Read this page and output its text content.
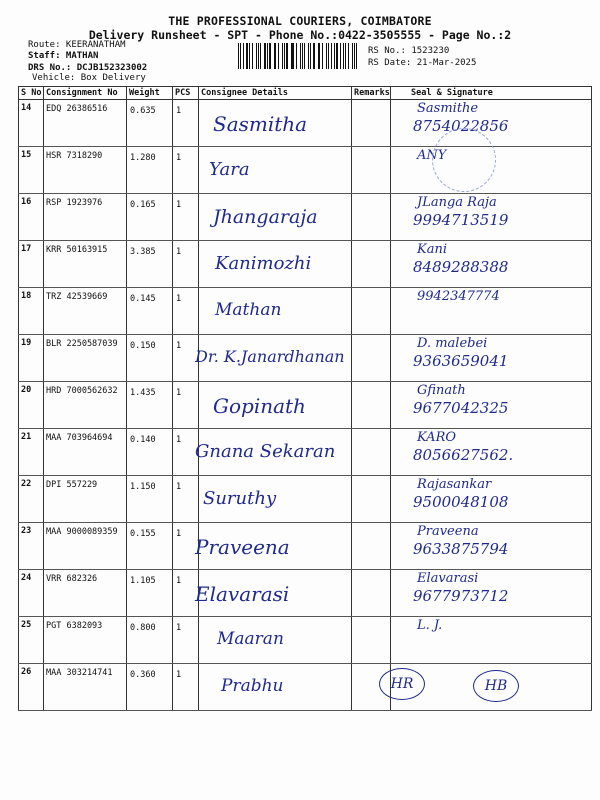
THE PROFESSIONAL COURIERS, COIMBATORE
Delivery Runsheet - SPT - Phone No.:0422-3505555 - Page No.:2
Route: KEERANATHAM
Staff: MATHAN
DRS No.: DCJB152323002
Vehicle: Box Delivery
RS No.: 1523230
RS Date: 21-Mar-2025
S No	Consignment No	Weight	PCS	Consignee Details	Remarks	Seal & Signature
14	EDQ 26386516	0.635	1	Sasmitha		Sasmithe
8754022856

15	HSR 7318290	1.280	1	Yara		ANY

16	RSP 1923976	0.165	1	Jhangaraja		JLanga Raja
9994713519

17	KRR 50163915	3.385	1	Kanimozhi		Kani
8489288388

18	TRZ 42539669	0.145	1	Mathan		9942347774

19	BLR 2250587039	0.150	1	Dr. K.Janardhanan		D. malebei
9363659041

20	HRD 7000562632	1.435	1	Gopinath		Gfinath
9677042325

21	MAA 703964694	0.140	1	Gnana Sekaran		KARO
8056627562.

22	DPI 557229	1.150	1	Suruthy		Rajasankar
9500048108

23	MAA 9000089359	0.155	1	Praveena		Praveena
9633875794

24	VRR 682326	1.105	1	Elavarasi		Elavarasi
9677973712

25	PGT 6382093	0.800	1	Maaran		L. J.

26	MAA 303214741	0.360	1	Prabhu		HR HB
